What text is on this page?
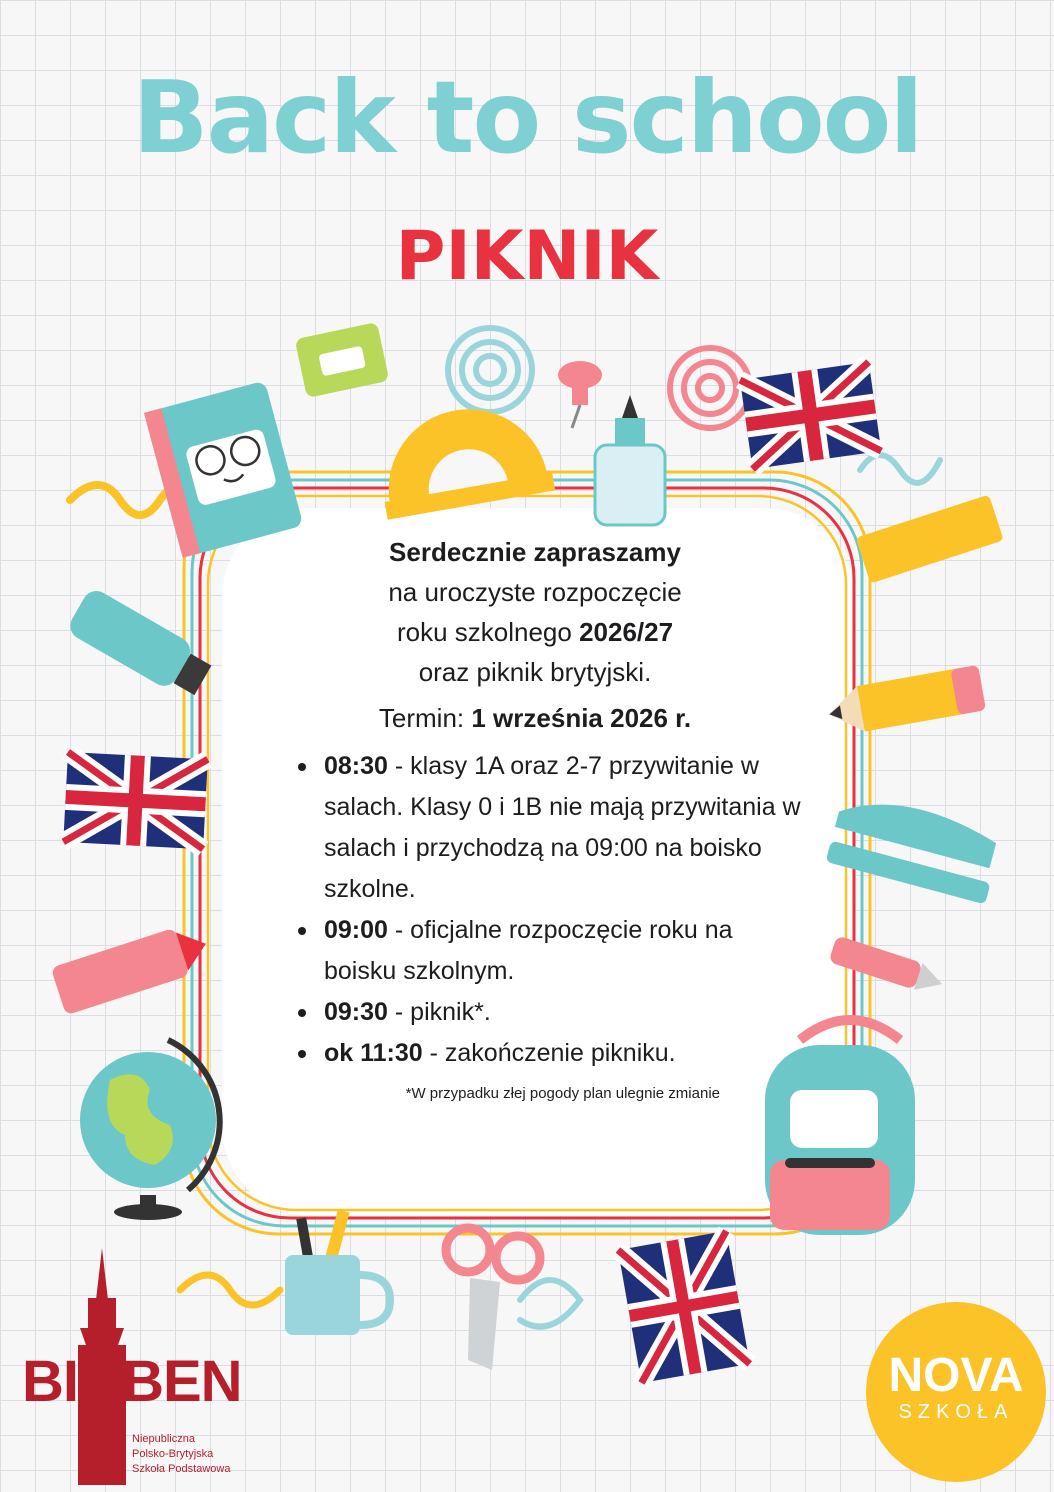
Back to school
PIKNIK
Serdecznie zapraszamy
na uroczyste rozpoczęcie
roku szkolnego 2026/27
oraz piknik brytyjski.
Termin: 1 września 2026 r.
08:30 - klasy 1A oraz 2-7 przywitanie w salach. Klasy 0 i 1B nie mają przywitania w salach i przychodzą na 09:00 na boisko szkolne.
09:00 - oficjalne rozpoczęcie roku na boisku szkolnym.
09:30 - piknik*.
ok 11:30 - zakończenie pikniku.
*W przypadku złej pogody plan ulegnie zmianie
BIGBEN
Niepubliczna
Polsko-Brytyjska
Szkoła Podstawowa
NOVA
SZKOŁA
